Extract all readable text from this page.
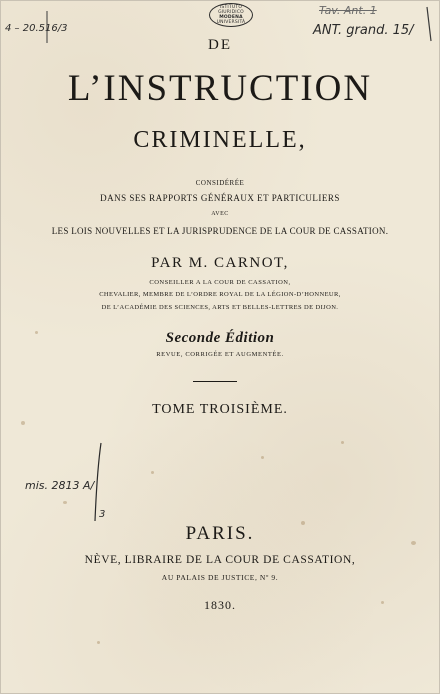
ISTITUTO GIURIDICO
MODENA
UNIVERSITÀ
4 – 20.516/3
Tav. Ant. 1
ANT. grand. 15/
mis. 2813 A/
3
DE
L’INSTRUCTION
CRIMINELLE,
CONSIDÉRÉE
DANS SES RAPPORTS GÉNÉRAUX ET PARTICULIERS
AVEC
LES LOIS NOUVELLES ET LA JURISPRUDENCE DE LA COUR DE CASSATION.
PAR M. CARNOT,
CONSEILLER A LA COUR DE CASSATION,
CHEVALIER, MEMBRE DE L’ORDRE ROYAL DE LA LÉGION-D’HONNEUR,
DE L’ACADÉMIE DES SCIENCES, ARTS ET BELLES-LETTRES DE DIJON.
Seconde Édition
REVUE, CORRIGÉE ET AUGMENTÉE.
TOME TROISIÈME.
PARIS.
NÈVE, LIBRAIRE DE LA COUR DE CASSATION,
AU PALAIS DE JUSTICE, Nº 9.
1830.
